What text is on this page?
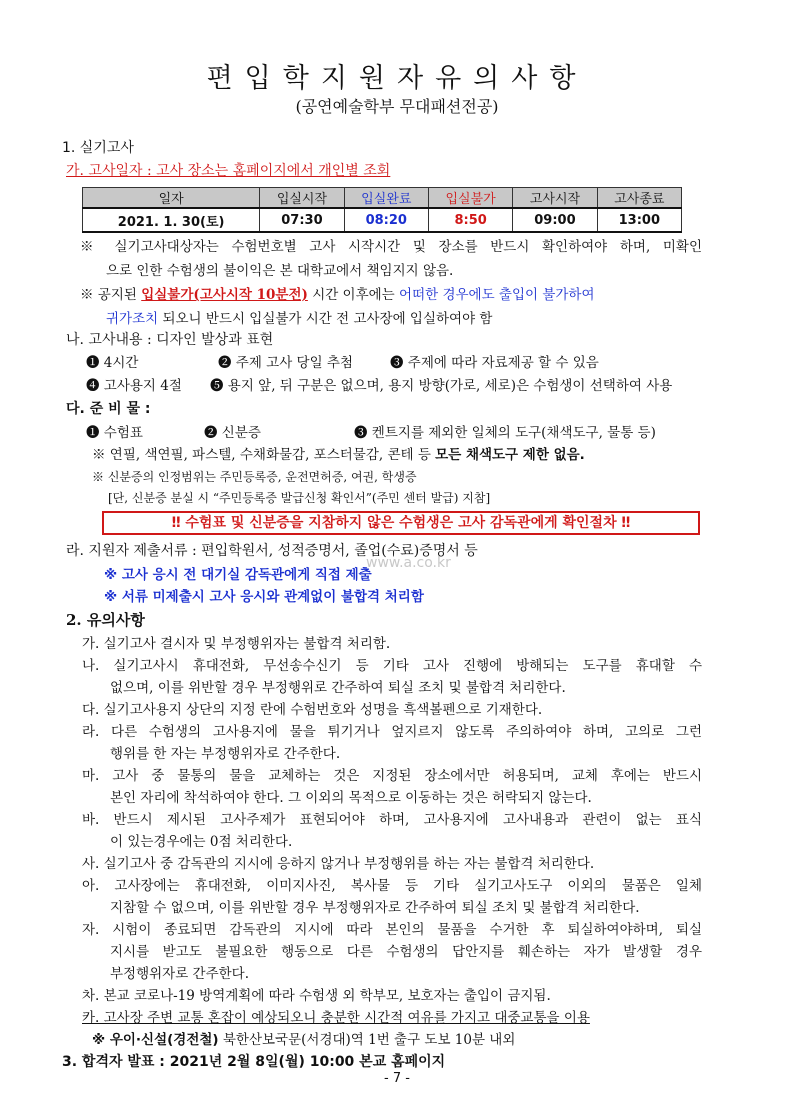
편입학지원자유의사항
(공연예술학부 무대패션전공)
1. 실기고사
가. 고사일자 : 고사 장소는 홈페이지에서 개인별 조회
일자	입실시작	입실완료	입실불가	고사시작	고사종료
2021. 1. 30(토)	07:30	08:20	8:50	09:00	13:00
※ 실기고사대상자는 수험번호별 고사 시작시간 및 장소를 반드시 확인하여야 하며, 미확인
으로 인한 수험생의 불이익은 본 대학교에서 책임지지 않음.
※ 공지된 입실불가(고사시작 10분전) 시간 이후에는 어떠한 경우에도 출입이 불가하여
귀가조치 되오니 반드시 입실불가 시간 전 고사장에 입실하여야 함
나. 고사내용 : 디자인 발상과 표현
❶ 4시간	❷ 주제 고사 당일 추첨	❸ 주제에 따라 자료제공 할 수 있음
❹ 고사용지 4절 ❺ 용지 앞, 뒤 구분은 없으며, 용지 방향(가로, 세로)은 수험생이 선택하여 사용
다. 준 비 물 :
❶ 수험표	❷ 신분증	❸ 켄트지를 제외한 일체의 도구(채색도구, 물통 등)
※ 연필, 색연필, 파스텔, 수채화물감, 포스터물감, 콘테 등 모든 채색도구 제한 없음.
※ 신분증의 인정범위는 주민등록증, 운전면허증, 여권, 학생증
[단, 신분증 분실 시 “주민등록증 발급신청 확인서”(주민 센터 발급) 지참]
‼ 수험표 및 신분증을 지참하지 않은 수험생은 고사 감독관에게 확인절차 ‼
라. 지원자 제출서류 : 편입학원서, 성적증명서, 졸업(수료)증명서 등
www.a.co.kr
※ 고사 응시 전 대기실 감독관에게 직접 제출
※ 서류 미제출시 고사 응시와 관계없이 불합격 처리함
2. 유의사항
가. 실기고사 결시자 및 부정행위자는 불합격 처리함.
나. 실기고사시 휴대전화, 무선송수신기 등 기타 고사 진행에 방해되는 도구를 휴대할 수
없으며, 이를 위반할 경우 부정행위로 간주하여 퇴실 조치 및 불합격 처리한다.
다. 실기고사용지 상단의 지정 란에 수험번호와 성명을 흑색볼펜으로 기재한다.
라. 다른 수험생의 고사용지에 물을 튀기거나 엎지르지 않도록 주의하여야 하며, 고의로 그런
행위를 한 자는 부정행위자로 간주한다.
마. 고사 중 물통의 물을 교체하는 것은 지정된 장소에서만 허용되며, 교체 후에는 반드시
본인 자리에 착석하여야 한다. 그 이외의 목적으로 이동하는 것은 허락되지 않는다.
바. 반드시 제시된 고사주제가 표현되어야 하며, 고사용지에 고사내용과 관련이 없는 표식
이 있는경우에는 0점 처리한다.
사. 실기고사 중 감독관의 지시에 응하지 않거나 부정행위를 하는 자는 불합격 처리한다.
아. 고사장에는 휴대전화, 이미지사진, 복사물 등 기타 실기고사도구 이외의 물품은 일체
지참할 수 없으며, 이를 위반할 경우 부정행위자로 간주하여 퇴실 조치 및 불합격 처리한다.
자. 시험이 종료되면 감독관의 지시에 따라 본인의 물품을 수거한 후 퇴실하여야하며, 퇴실
지시를 받고도 불필요한 행동으로 다른 수험생의 답안지를 훼손하는 자가 발생할 경우
부정행위자로 간주한다.
차. 본교 코로나-19 방역계획에 따라 수험생 외 학부모, 보호자는 출입이 금지됨.
카. 고사장 주변 교통 혼잡이 예상되오니 충분한 시간적 여유를 가지고 대중교통을 이용
※ 우이·신설(경전철) 북한산보국문(서경대)역 1번 출구 도보 10분 내외
3. 합격자 발표 : 2021년 2월 8일(월) 10:00 본교 홈페이지
- 7 -
